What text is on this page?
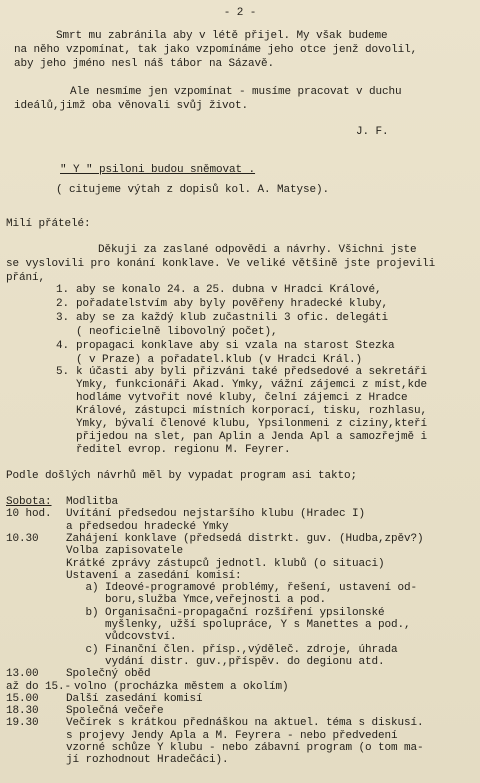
- 2 -
Smrt mu zabránila aby v létě přijel. My však budeme
na něho vzpomínat, tak jako vzpomínáme jeho otce jenž dovolil,
aby jeho jméno nesl náš tábor na Sázavě.
Ale nesmíme jen vzpomínat - musíme pracovat v duchu
ideálů,jimž oba věnovali svůj život.
J. F.
" Y " psiloni budou sněmovat .
( citujeme výtah z dopisů kol. A. Matyse).
Milí přátelé:
Děkuji za zaslané odpovědi a návrhy. Všichni jste
se vyslovili pro konání konklave. Ve veliké většině jste projevili
přání,
1. aby se konalo 24. a 25. dubna v Hradci Králové,
2. pořadatelstvím aby byly pověřeny hradecké kluby,
3. aby se za každý klub zučastnili 3 ofic. delegáti
( neoficielně libovolný počet),
4. propagaci konklave aby si vzala na starost Stezka
( v Praze) a pořadatel.klub (v Hradci Král.)
5. k účasti aby byli přizváni také předsedové a sekretáři
Ymky, funkcionáři Akad. Ymky, vážní zájemci z míst,kde
hodláme vytvořit nové kluby, čelní zájemci z Hradce
Králové, zástupci místních korporací, tisku, rozhlasu,
Ymky, bývalí členové klubu, Ypsilonmeni z ciziny,kteří
přijedou na slet, pan Aplin a Jenda Apl a samozřejmě i
ředitel evrop. regionu M. Feyrer.
Podle došlých návrhů měl by vypadat program asi takto;
Sobota: Modlitba
10 hod. Uvítání předsedou nejstaršího klubu (Hradec I)
a předsedou hradecké Ymky
10.30 Zahájení konklave (předsedá distrkt. guv. (Hudba,zpěv?)
Volba zapisovatele
Krátké zprávy zástupců jednotl. klubů (o situaci)
Ustavení a zasedání komisí:
a) Ideové-programové problémy, řešení, ustavení od-
boru,služba Ymce,veřejnosti a pod.
b) Organisačni-propagační rozšíření ypsilonské
myšlenky, užší spolupráce, Y s Manettes a pod.,
vůdcovství.
c) Finanční člen. přísp.,výděleč. zdroje, úhrada
vydání distr. guv.,příspěv. do degionu atd.
13.00 Společný oběd
až do 15.- volno (procházka městem a okolím)
15.00 Další zasedání komisí
18.30 Společná večeře
19.30 Večírek s krátkou přednáškou na aktuel. téma s diskusí.
s projevy Jendy Apla a M. Feyrera - nebo předvedení
vzorné schůze Y klubu - nebo zábavní program (o tom ma-
jí rozhodnout Hradečáci).
